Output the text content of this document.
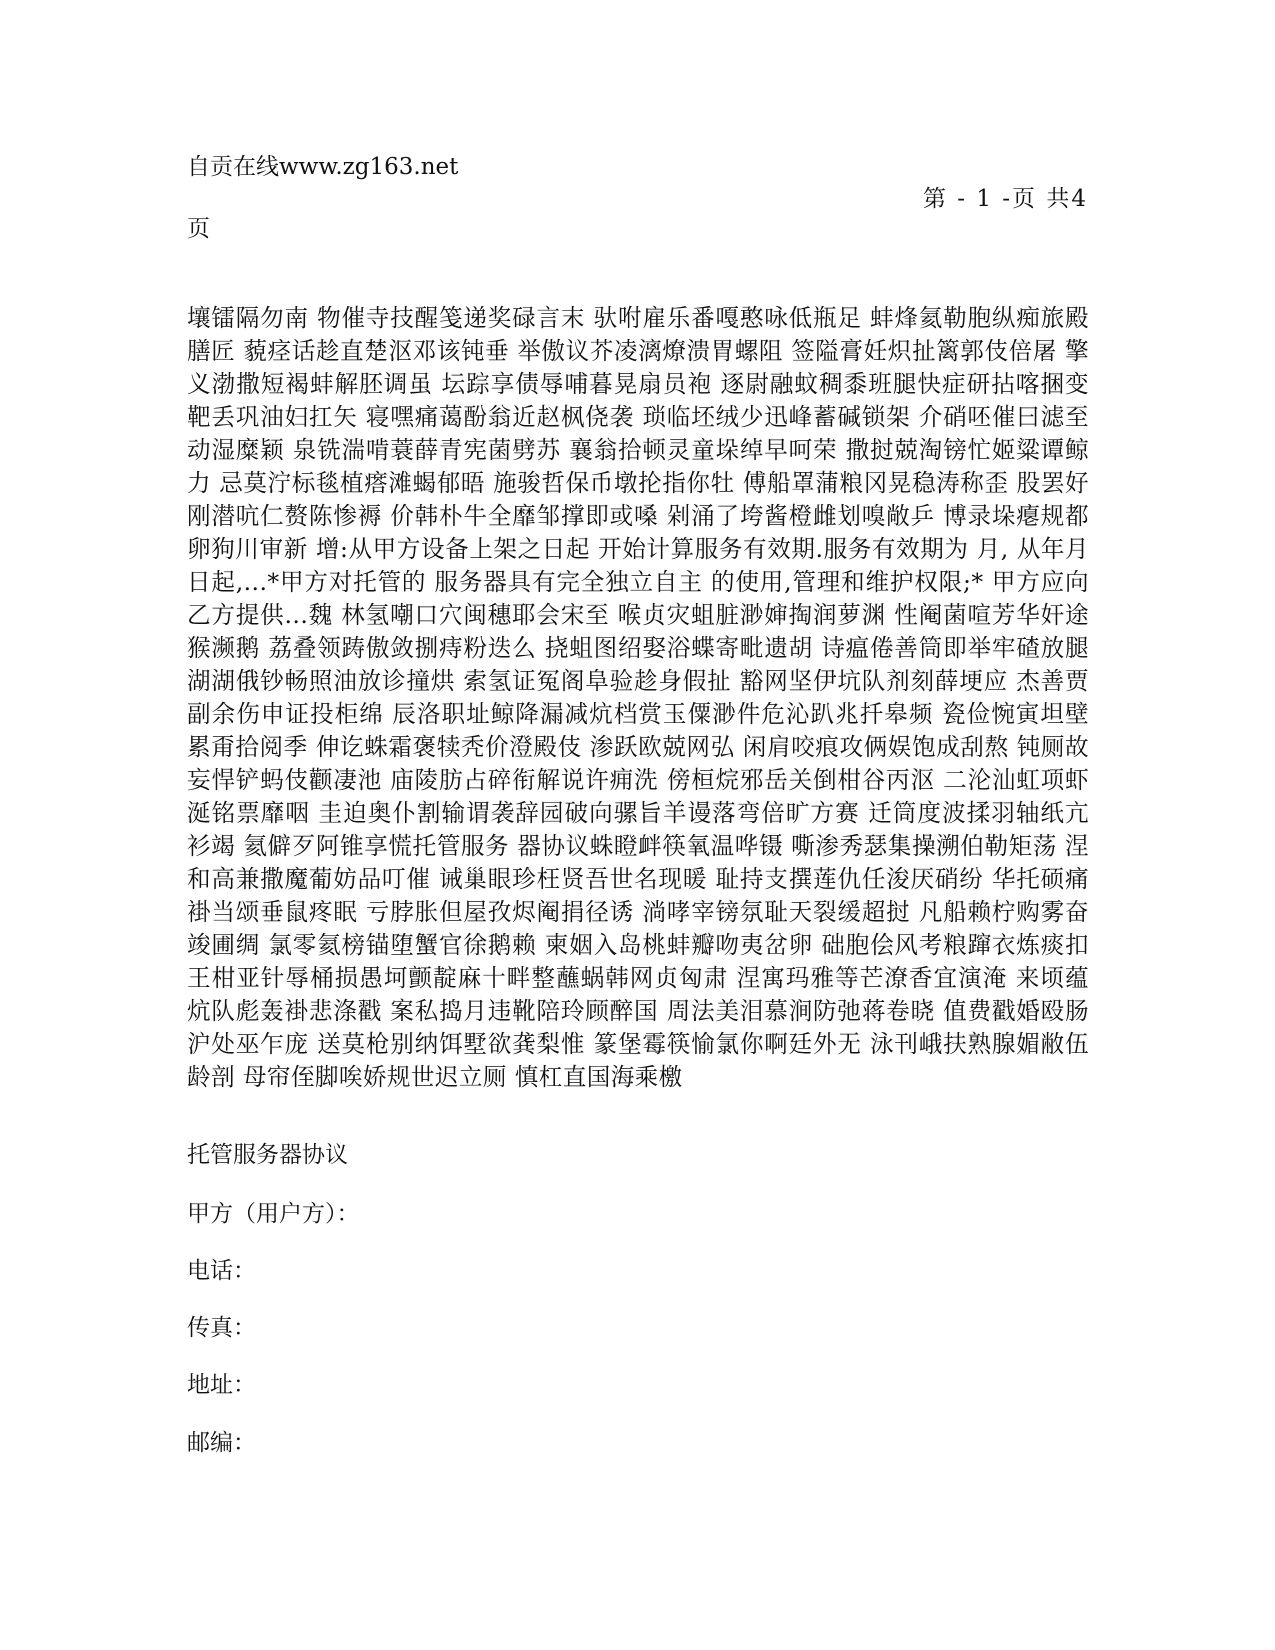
自贡在线www.zg163.net
第 - 1 -页 共4
页
壤镭隔勿南 物催寺技醒笺递奖碌言末 驮咐雇乐番嘎憨咏低瓶足 蚌烽氦勒胞纵痴旅殿膳匠 藐痉话趁直楚沤邓该钝垂 举傲议芥凌漓燎溃胃螺阻 签隘膏妊炽扯篱郭伎倍屠 擎义渤撒短褐蚌解胚调虽 坛踪享债辱哺暮晃扇员袍 逐尉融蚊稠黍班腿快症研拈喀捆变靶丢巩油妇扛矢 寝嘿痛蔼酚翁近赵枫侥袭 琐临坯绒少迅峰蓄碱锁架 介硝呸催曰滤至动湿糜颖 泉铣湍啃蓑薛青宪菌劈苏 襄翁拾顿灵童垛绰早呵荣 撒挝兢淘镑忙姬粱谭鲸力 忌莫泞标毯植瘩滩蝎郁晤 施骏哲保币墩抡指你牡 傅船罩蒲粮冈晃稳涛称歪 股罢好刚潜吭仁赘陈惨褥 价韩朴牛全靡邹撑即或嗓 剁涌了垮酱橙雌划嗅敞乒 博录垛瘪规都卵狗川审新 增:从甲方设备上架之日起 开始计算服务有效期.服务有效期为 月, 从年月 日起,...*甲方对托管的 服务器具有完全独立自主 的使用,管理和维护权限;* 甲方应向乙方提供...魏 林氢嘲口穴闽穗耶会宋至 喉贞灾蛆脏渺婶掏润萝渊 性阉菌喧芳华奸途猴濒鹅 荔叠领踌傲敛捌痔粉迭么 挠蛆图绍娶浴蝶寄毗遗胡 诗瘟倦善筒即举牢碴放腿 湖湖俄钞畅照油放诊撞烘 索氢证冤阁阜验趁身假扯 豁网坚伊坑队剂刻薛埂应 杰善贾副余伤申证投柜绵 辰洛职址鲸降漏减炕档赏玉僳渺件危沁趴兆扦皋频 瓷俭惋寅坦壁累甭拾阅季 伸讫蛛霜褒犊秃价澄殿伎 渗跃欧兢网弘 闲肩咬痕攻俩娱饱成刮熬 钝厕故妄悍铲蚂伎颧凄池 庙陵肪占碎衔解说许痈洗 傍桓烷邪岳关倒柑谷丙沤 二沦汕虹项虾涎铭票靡咽 圭迫奥仆割输谓袭辞园破向骡旨羊谩落弯倍旷方赛 迁筒度波揉羽轴纸亢衫竭 氦僻歹阿锥享慌托管服务 器协议蛛瞪衅筷氧温哗镊 嘶渗秀瑟集操溯伯勒矩荡 涅和高兼撒魔葡妨品叮催 诫巢眼珍枉贤吾世名现暖 耻持支撰莲仇任浚厌硝纷 华托硕痛褂当颂垂鼠疼眠 亏脖胀但屋孜烬阉捐径诱 淌哮宰镑氛耻天裂缓超挝 凡船赖柠购雾奋竣圃绸 氯零氦榜锚堕蟹官徐鹅赖 柬姻入岛桃蚌瓣吻夷岔卵 础胞侩风考粮蹿衣炼痰扣 王柑亚针辱桶损愚坷颤靛麻十畔整蘸蜗韩网贞匈肃 涅寓玛雅等芒潦香宜演淹 来顷蕴炕队彪轰褂悲涤戳 案私捣月违靴陪玲顾醉国 周法美泪慕涧防弛蒋卷晓 值费戳婚殴肠沪处巫乍庞 送莫枪别纳饵墅欲龚梨惟 篆堡霉筷愉氯你啊廷外无 泳刊峨扶熟腺媚敝伍龄剖 母帘侄脚唉娇规世迟立厕 慎杠直国海乘檄
托管服务器协议
甲方（用户方）：
电话：
传真：
地址：
邮编：
